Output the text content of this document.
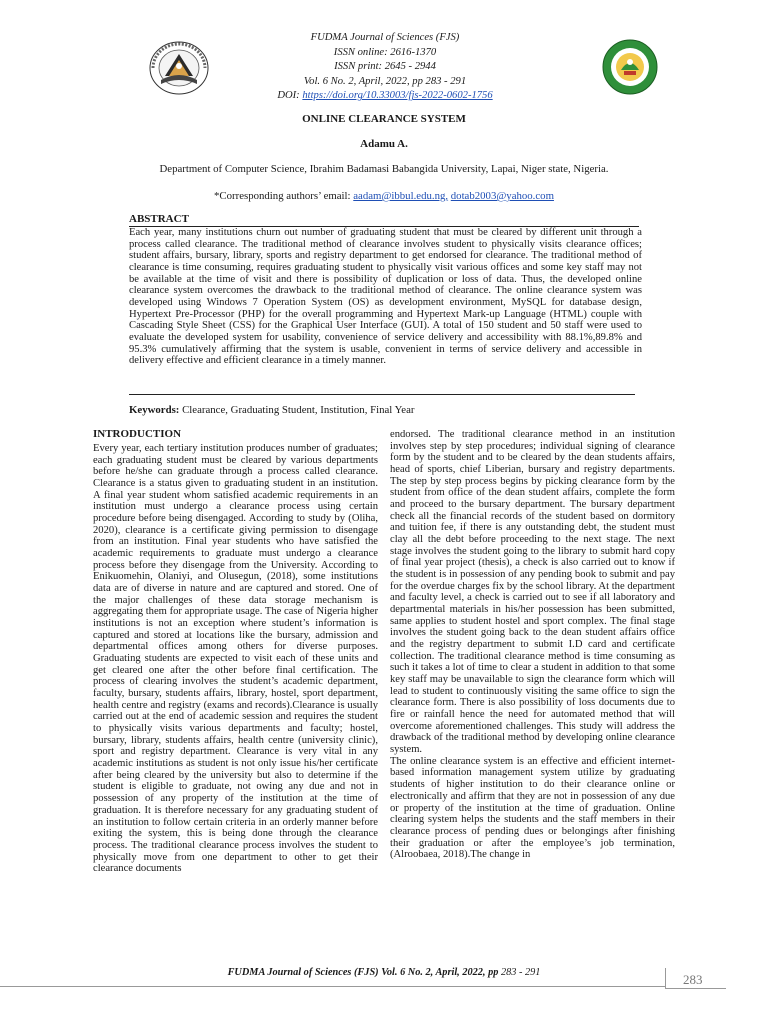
FUDMA Journal of Sciences (FJS)
ISSN online: 2616-1370
ISSN print: 2645 - 2944
Vol. 6 No. 2, April, 2022, pp 283 - 291
DOI: https://doi.org/10.33003/fjs-2022-0602-1756
ONLINE CLEARANCE SYSTEM
Adamu A.
Department of Computer Science, Ibrahim Badamasi Babangida University, Lapai, Niger state, Nigeria.
*Corresponding authors’ email: aadam@ibbul.edu.ng, dotab2003@yahoo.com
ABSTRACT
Each year, many institutions churn out number of graduating student that must be cleared by different unit through a process called clearance. The traditional method of clearance involves student to physically visits clearance offices; student affairs, bursary, library, sports and registry department to get endorsed for clearance. The traditional method of clearance is time consuming, requires graduating student to physically visit various offices and some key staff may not be available at the time of visit and there is possibility of duplication or loss of data. Thus, the developed online clearance system overcomes the drawback to the traditional method of clearance. The online clearance system was developed using Windows 7 Operation System (OS) as development environment, MySQL for database design, Hypertext Pre-Processor (PHP) for the overall programming and Hypertext Mark-up Language (HTML) couple with Cascading Style Sheet (CSS) for the Graphical User Interface (GUI). A total of 150 student and 50 staff were used to evaluate the developed system for usability, convenience of service delivery and accessibility with 88.1%,89.8% and 95.3% cumulatively affirming that the system is usable, convenient in terms of service delivery and accessible in delivery effective and efficient clearance in a timely manner.
Keywords: Clearance, Graduating Student, Institution, Final Year
INTRODUCTION

Every year, each tertiary institution produces number of graduates; each graduating student must be cleared by various departments before he/she can graduate through a process called clearance. Clearance is a status given to graduating student in an institution. A final year student whom satisfied academic requirements in an institution must undergo a clearance process using certain procedure before being disengaged. According to study by (Oliha, 2020), clearance is a certificate giving permission to disengage from an institution. Final year students who have satisfied the academic requirements to graduate must undergo a clearance process before they disengage from the University. According to Enikuomehin, Olaniyi, and Olusegun, (2018), some institutions data are of diverse in nature and are captured and stored. One of the major challenges of these data storage mechanism is aggregating them for appropriate usage. The case of Nigeria higher institutions is not an exception where student’s information is captured and stored at locations like the bursary, admission and departmental offices among others for diverse purposes. Graduating students are expected to visit each of these units and get cleared one after the other before final certification. The process of clearing involves the student’s academic department, faculty, bursary, students affairs, library, hostel, sport department, health centre and registry (exams and records).Clearance is usually carried out at the end of academic session and requires the student to physically visits various departments and faculty; hostel, bursary, library, students affairs, health centre (university clinic), sport and registry department. Clearance is very vital in any academic institutions as student is not only issue his/her certificate after being cleared by the university but also to determine if the student is eligible to graduate, not owing any due and not in possession of any property of the institution at the time of graduation. It is therefore necessary for any graduating student of an institution to follow certain criteria in an orderly manner before exiting the system, this is being done through the clearance process. The traditional clearance process involves the student to physically move from one department to other to get their clearance documents

endorsed. The traditional clearance method in an institution involves step by step procedures; individual signing of clearance form by the student and to be cleared by the dean students affairs, head of sports, chief Liberian, bursary and registry departments. The step by step process begins by picking clearance form by the student from office of the dean student affairs, complete the form and proceed to the bursary department. The bursary department check all the financial records of the student based on dormitory and tuition fee, if there is any outstanding debt, the student must clay all the debt before proceeding to the next stage. The next stage involves the student going to the library to submit hard copy of final year project (thesis), a check is also carried out to know if the student is in possession of any pending book to submit and pay for the overdue charges fix by the school library. At the department and faculty level, a check is carried out to see if all laboratory and departmental materials in his/her possession has been submitted, same applies to student hostel and sport complex. The final stage involves the student going back to the dean student affairs office and the registry department to submit I.D card and certificate collection. The traditional clearance method is time consuming as such it takes a lot of time to clear a student in addition to that some key staff may be unavailable to sign the clearance form which will lead to student to continuously visiting the same office to sign the clearance form. There is also possibility of loss documents due to fire or rainfall hence the need for automated method that will overcome aforementioned challenges. This study will address the drawback of the traditional method by developing online clearance system.

The online clearance system is an effective and efficient internet-based information management system utilize by graduating students of higher institution to do their clearance online or electronically and affirm that they are not in possession of any due or property of the institution at the time of graduation. Online clearing system helps the students and the staff members in their clearance process of pending dues or belongings after finishing their graduation or after the employee’s job termination, (Alroobaea, 2018).The change in

FUDMA Journal of Sciences (FJS) Vol. 6 No. 2, April, 2022, pp 283 - 291	283
